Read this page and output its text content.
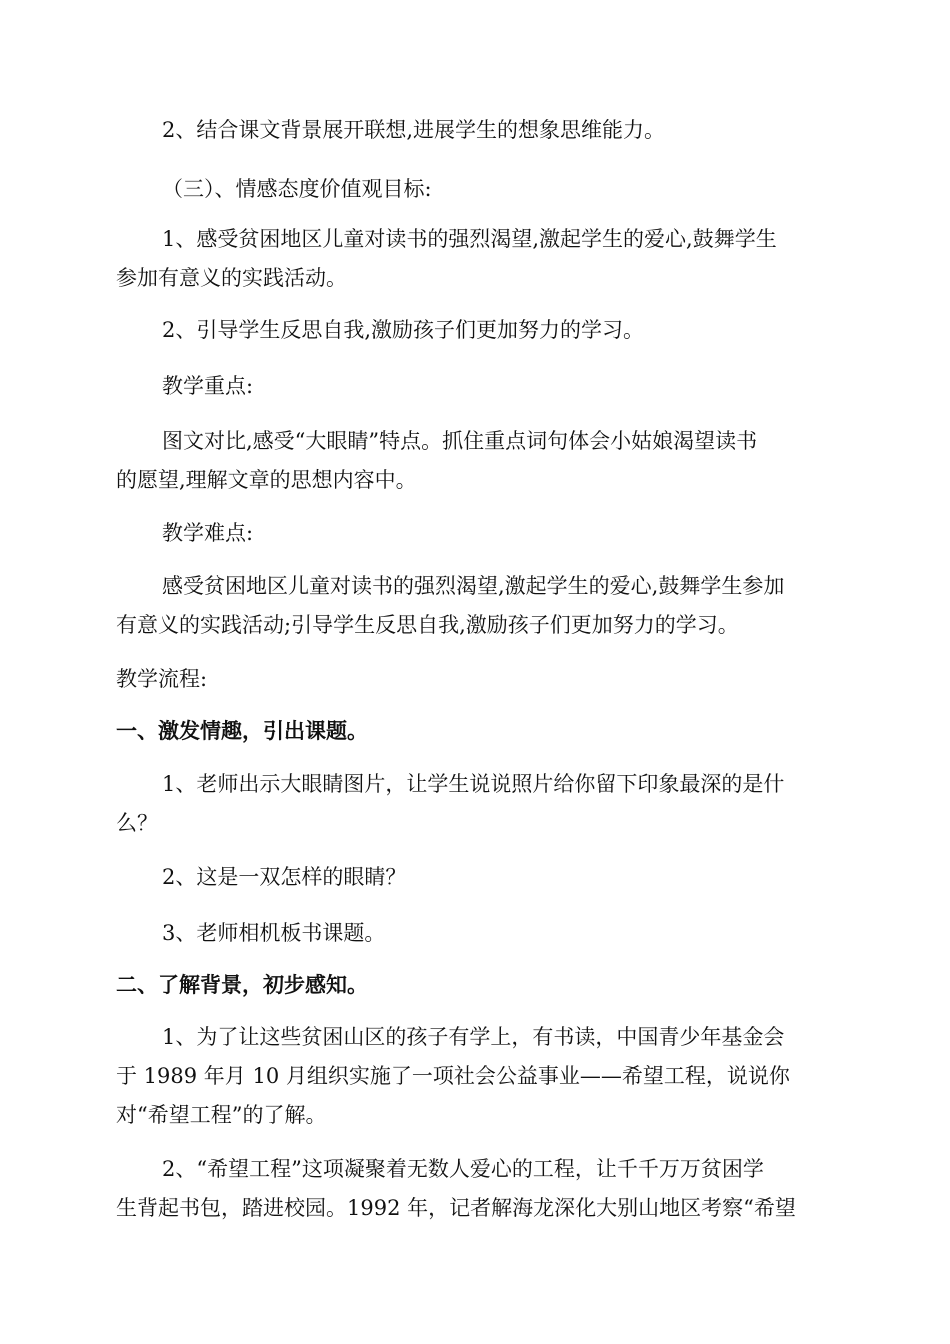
2、结合课文背景展开联想,进展学生的想象思维能力。

（三）、情感态度价值观目标:

1、感受贫困地区儿童对读书的强烈渴望,激起学生的爱心,鼓舞学生
参加有意义的实践活动。

2、引导学生反思自我,激励孩子们更加努力的学习。

教学重点:

图文对比,感受“大眼睛”特点。抓住重点词句体会小姑娘渴望读书
的愿望,理解文章的思想内容中。

教学难点:

感受贫困地区儿童对读书的强烈渴望,激起学生的爱心,鼓舞学生参加
有意义的实践活动;引导学生反思自我,激励孩子们更加努力的学习。

教学流程:

一、激发情趣，引出课题。

1、老师出示大眼睛图片，让学生说说照片给你留下印象最深的是什
么？

2、这是一双怎样的眼睛？

3、老师相机板书课题。

二、了解背景，初步感知。

1、为了让这些贫困山区的孩子有学上，有书读，中国青少年基金会
于 1989 年月 10 月组织实施了一项社会公益事业——希望工程，说说你
对“希望工程”的了解。

2、“希望工程”这项凝聚着无数人爱心的工程，让千千万万贫困学
生背起书包，踏进校园。1992 年，记者解海龙深化大别山地区考察“希望
